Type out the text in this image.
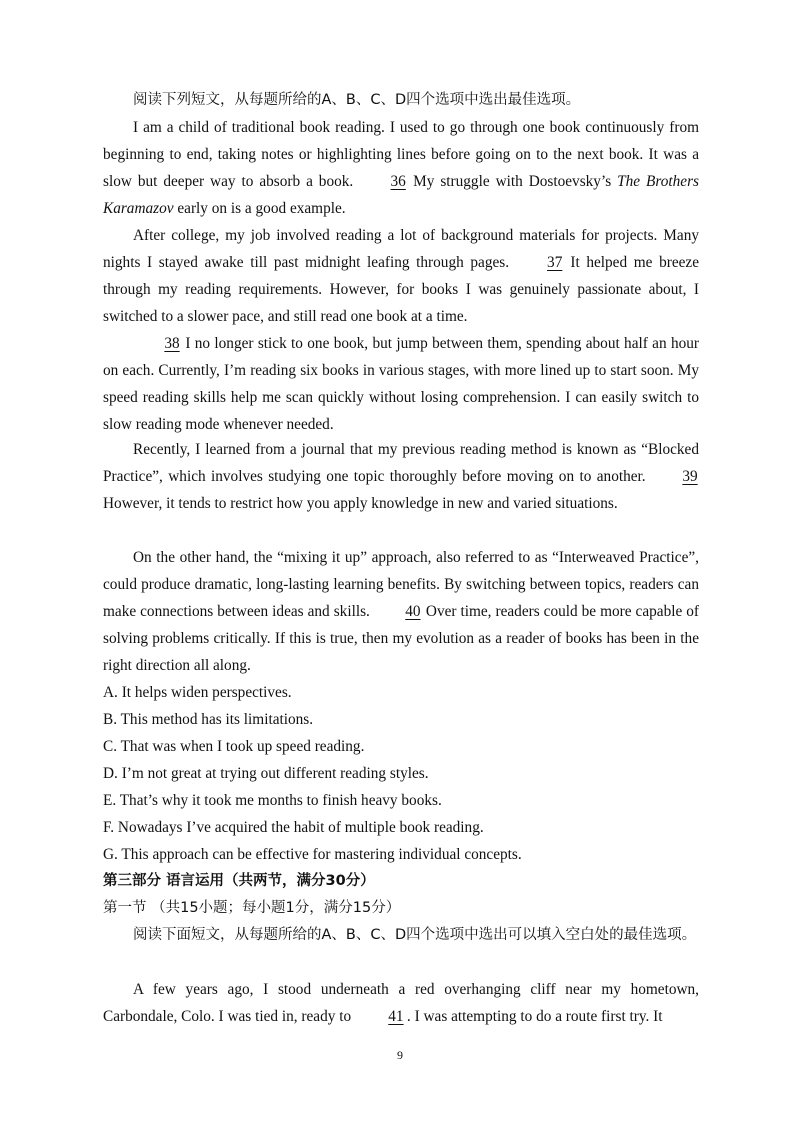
阅读下列短文，从每题所给的A、B、C、D四个选项中选出最佳选项。

I am a child of traditional book reading. I used to go through one book continuously from beginning to end, taking notes or highlighting lines before going on to the next book. It was a slow but deeper way to absorb a book. 36 My struggle with Dostoevsky’s The Brothers Karamazov early on is a good example.

After college, my job involved reading a lot of background materials for projects. Many nights I stayed awake till past midnight leafing through pages. 37 It helped me breeze through my reading requirements. However, for books I was genuinely passionate about, I switched to a slower pace, and still read one book at a time.

38 I no longer stick to one book, but jump between them, spending about half an hour on each. Currently, I’m reading six books in various stages, with more lined up to start soon. My speed reading skills help me scan quickly without losing comprehension. I can easily switch to slow reading mode whenever needed.

Recently, I learned from a journal that my previous reading method is known as “Blocked Practice”, which involves studying one topic thoroughly before moving on to another. 39 However, it tends to restrict how you apply knowledge in new and varied situations.

On the other hand, the “mixing it up” approach, also referred to as “Interweaved Practice”, could produce dramatic, long-lasting learning benefits. By switching between topics, readers can make connections between ideas and skills. 40 Over time, readers could be more capable of solving problems critically. If this is true, then my evolution as a reader of books has been in the right direction all along.

A. It helps widen perspectives.
B. This method has its limitations.
C. That was when I took up speed reading.
D. I’m not great at trying out different reading styles.
E. That’s why it took me months to finish heavy books.
F. Nowadays I’ve acquired the habit of multiple book reading.
G. This approach can be effective for mastering individual concepts.
第三部分 语言运用（共两节，满分30分）
第一节 （共15小题；每小题1分，满分15分）

阅读下面短文，从每题所给的A、B、C、D四个选项中选出可以填入空白处的最佳选项。

A few years ago, I stood underneath a red overhanging cliff near my hometown, Carbondale, Colo. I was tied in, ready to 41 . I was attempting to do a route first try. It

9
